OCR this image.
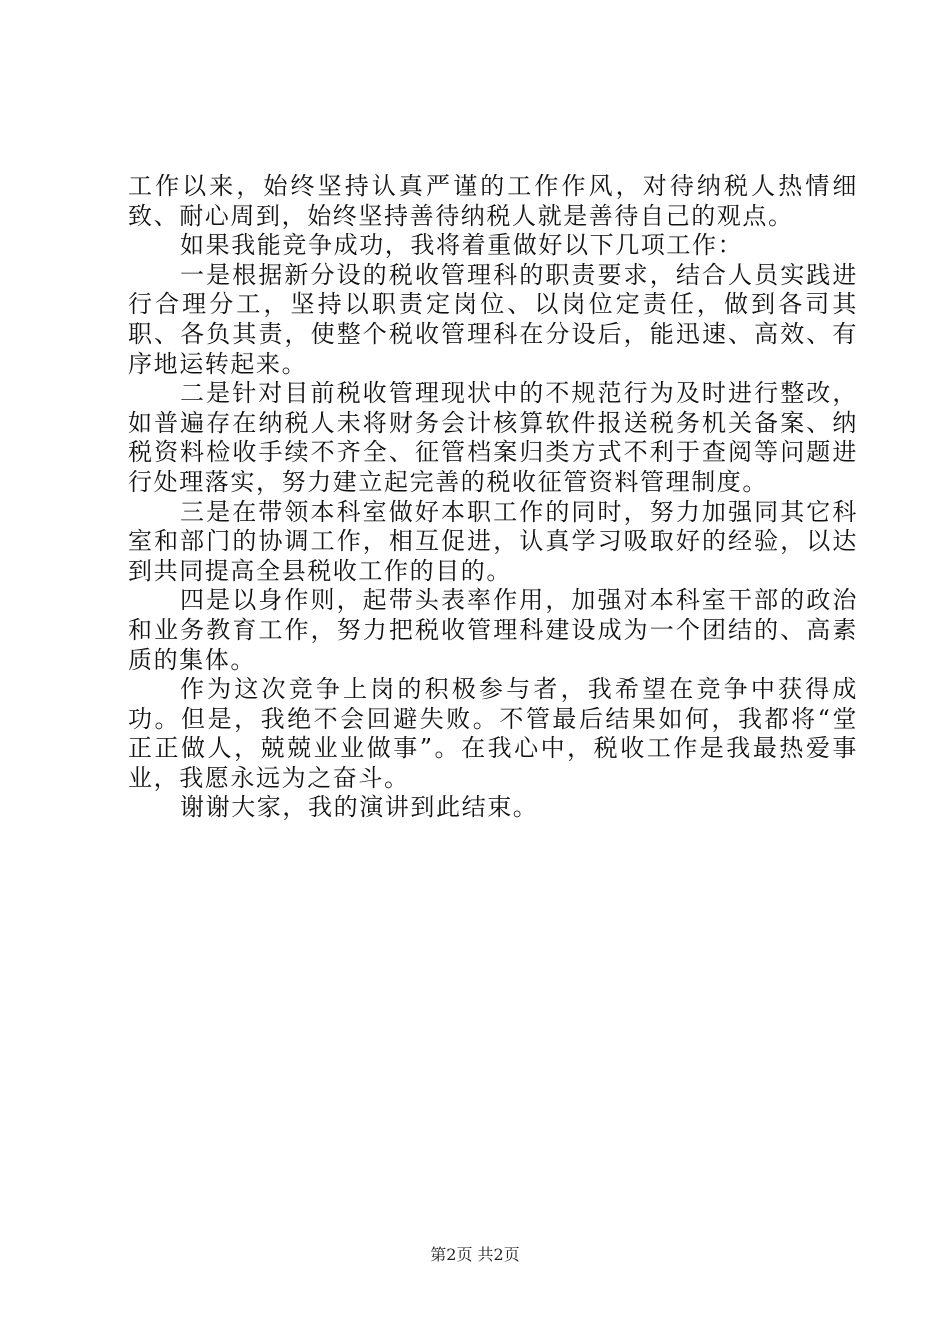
工作以来，始终坚持认真严谨的工作作风，对待纳税人热情细致、耐心周到，始终坚持善待纳税人就是善待自己的观点。

如果我能竞争成功，我将着重做好以下几项工作：

一是根据新分设的税收管理科的职责要求，结合人员实践进行合理分工，坚持以职责定岗位、以岗位定责任，做到各司其职、各负其责，使整个税收管理科在分设后，能迅速、高效、有序地运转起来。

二是针对目前税收管理现状中的不规范行为及时进行整改，如普遍存在纳税人未将财务会计核算软件报送税务机关备案、纳税资料检收手续不齐全、征管档案归类方式不利于查阅等问题进行处理落实，努力建立起完善的税收征管资料管理制度。

三是在带领本科室做好本职工作的同时，努力加强同其它科室和部门的协调工作，相互促进，认真学习吸取好的经验，以达到共同提高全县税收工作的目的。

四是以身作则，起带头表率作用，加强对本科室干部的政治和业务教育工作，努力把税收管理科建设成为一个团结的、高素质的集体。

作为这次竞争上岗的积极参与者，我希望在竞争中获得成功。但是，我绝不会回避失败。不管最后结果如何，我都将“堂正正做人，兢兢业业做事”。在我心中，税收工作是我最热爱事业，我愿永远为之奋斗。

谢谢大家，我的演讲到此结束。

第2页 共2页
